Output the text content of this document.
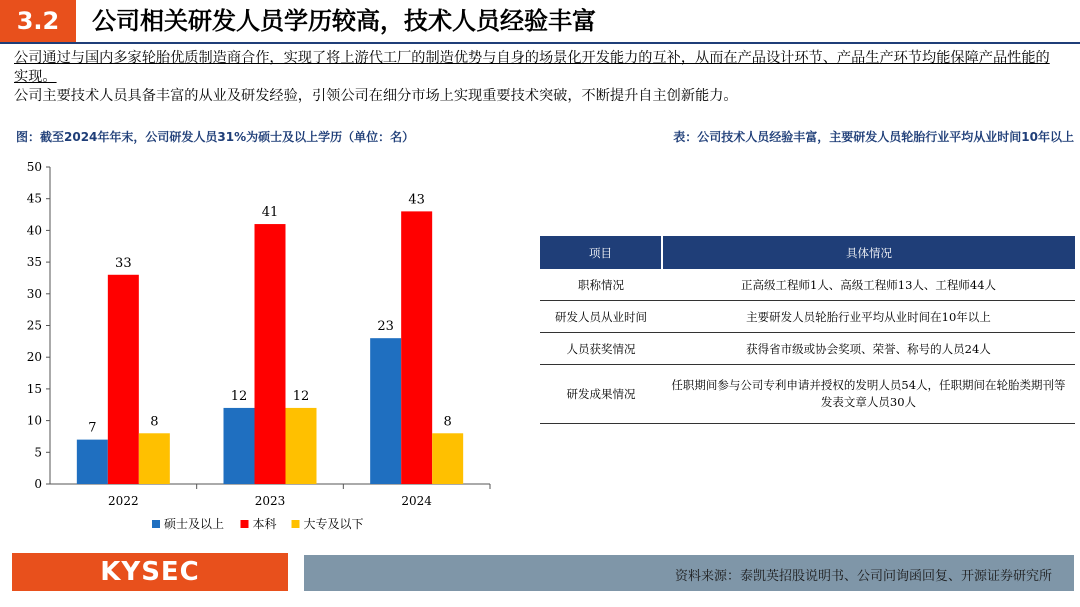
3.2	公司相关研发人员学历较高，技术人员经验丰富

公司通过与国内多家轮胎优质制造商合作，实现了将上游代工厂的制造优势与自身的场景化开发能力的互补，从而在产品设计环节、产品生产环节均能保障产品性能的实现。

公司主要技术人员具备丰富的从业及研发经验，引领公司在细分市场上实现重要技术突破，不断提升自主创新能力。

图：截至2024年年末，公司研发人员31%为硕士及以上学历（单位：名）	表：公司技术人员经验丰富，主要研发人员轮胎行业平均从业时间10年以上
0
5
10
15
20
25
30
35
40
45
50
7
33
8
2022
12
41
12
2023
23
43
8
2024
硕士及以上 本科 大专及以下
项目	具体情况
职称情况	正高级工程师1人、高级工程师13人、工程师44人
研发人员从业时间	主要研发人员轮胎行业平均从业时间在10年以上
人员获奖情况	获得省市级或协会奖项、荣誉、称号的人员24人
研发成果情况	任职期间参与公司专利申请并授权的发明人员54人，任职期间在轮胎类期刊等发表文章人员30人
KYSEC	资料来源：泰凯英招股说明书、公司问询函回复、开源证券研究所
